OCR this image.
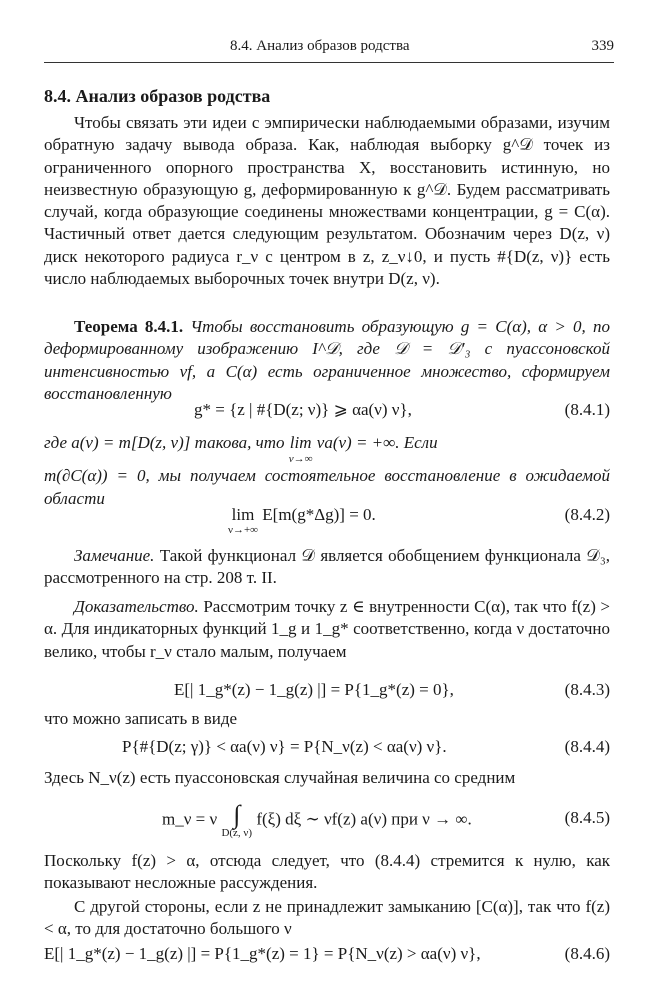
8.4. Анализ образов родства	339
8.4. Анализ образов родства
Чтобы связать эти идеи с эмпирически наблюдаемыми образами, изучим обратную задачу вывода образа. Как, наблюдая выборку g^𝒟 точек из ограниченного опорного пространства X, восстановить истинную, но неизвестную образующую g, деформированную к g^𝒟. Будем рассматривать случай, когда образующие соединены множествами концентрации, g = C(α). Частичный ответ дается следующим результатом. Обозначим через D(z, ν) диск некоторого радиуса r_ν с центром в z, z_ν↓0, и пусть #{D(z, ν)} есть число наблюдаемых выборочных точек внутри D(z, ν).
Теорема 8.4.1. Чтобы восстановить образующую g = C(α), α > 0, по деформированному изображению I^𝒟, где 𝒟 = 𝒟′₃ с пуассоновской интенсивностью νf, а C(α) есть ограниченное множество, сформируем восстановленную
g* = {z | #{D(z; ν)} ⩾ αa(ν) ν},	(8.4.1)
где a(ν) = m[D(z, ν)] такова, что lim
ν→∞
νa(ν) = +∞. Если
m(∂C(α)) = 0, мы получаем состоятельное восстановление в ожидаемой области
lim
ν→+∞
E[m(g*Δg)] = 0.	(8.4.2)
Замечание. Такой функционал 𝒟 является обобщением функционала 𝒟₃, рассмотренного на стр. 208 т. II.
Доказательство. Рассмотрим точку z ∈ внутренности C(α), так что f(z) > α. Для индикаторных функций 1_g и 1_g* соответственно, когда ν достаточно велико, чтобы r_ν стало малым, получаем
E[| 1_g*(z) − 1_g(z) |] = P{1_g*(z) = 0},	(8.4.3)
что можно записать в виде
P{#{D(z; γ)} < αa(ν) ν} = P{N_ν(z) < αa(ν) ν}.	(8.4.4)
Здесь N_ν(z) есть пуассоновская случайная величина со средним
m_ν = ν ∫
D(z, ν)
f(ξ) dξ ∼ νf(z) a(ν) при ν → ∞.	(8.4.5)
Поскольку f(z) > α, отсюда следует, что (8.4.4) стремится к нулю, как показывают несложные рассуждения.
С другой стороны, если z не принадлежит замыканию [C(α)], так что f(z) < α, то для достаточно большого ν
E[| 1_g*(z) − 1_g(z) |] = P{1_g*(z) = 1} = P{N_ν(z) > αa(ν) ν},	(8.4.6)
